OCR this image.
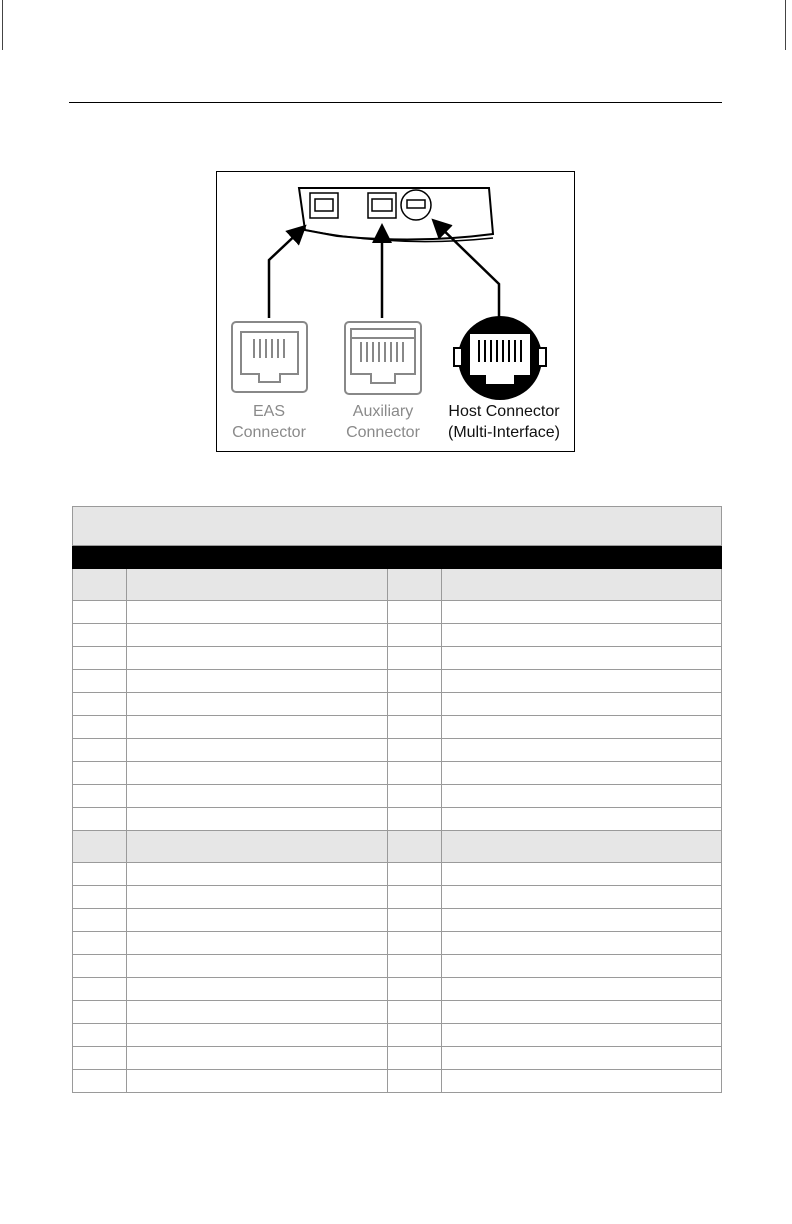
EAS
Connector
Auxiliary
Connector
Host Connector
(Multi-Interface)
